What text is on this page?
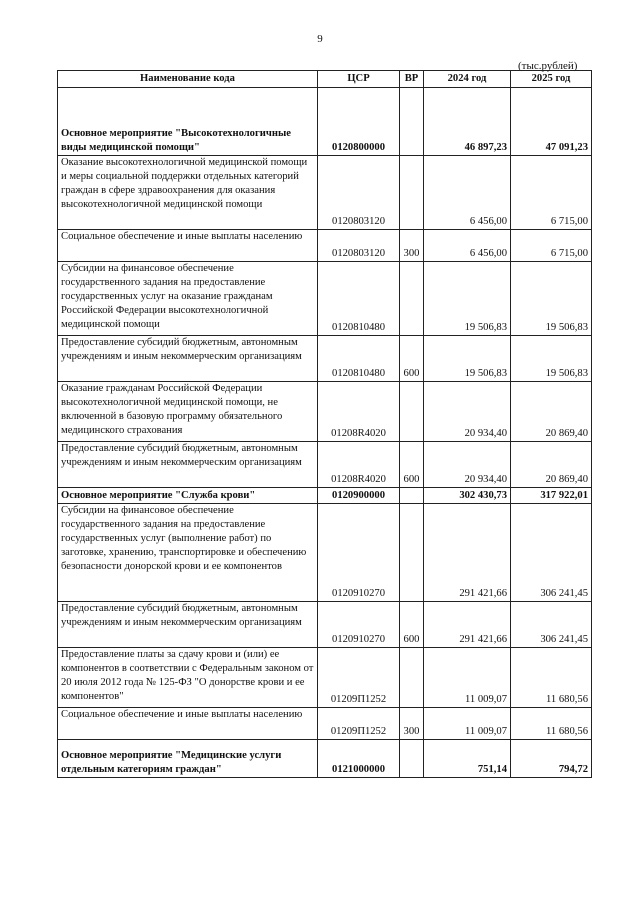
9
(тыс.рублей)
Наименование кода	ЦСР	ВР	2024 год	2025 год
Основное мероприятие "Высокотехнологичные виды медицинской помощи"	0120800000		46 897,23	47 091,23
Оказание высокотехнологичной медицинской помощи и меры социальной поддержки отдельных категорий граждан в сфере здравоохранения для оказания высокотехнологичной медицинской помощи	0120803120		6 456,00	6 715,00
Социальное обеспечение и иные выплаты населению	0120803120	300	6 456,00	6 715,00
Субсидии на финансовое обеспечение государственного задания на предоставление государственных услуг на оказание гражданам Российской Федерации высокотехнологичной медицинской помощи	0120810480		19 506,83	19 506,83
Предоставление субсидий бюджетным, автономным учреждениям и иным некоммерческим организациям	0120810480	600	19 506,83	19 506,83
Оказание гражданам Российской Федерации высокотехнологичной медицинской помощи, не включенной в базовую программу обязательного медицинского страхования	01208R4020		20 934,40	20 869,40
Предоставление субсидий бюджетным, автономным учреждениям и иным некоммерческим организациям	01208R4020	600	20 934,40	20 869,40
Основное мероприятие "Служба крови"	0120900000		302 430,73	317 922,01
Субсидии на финансовое обеспечение государственного задания на предоставление государственных услуг (выполнение работ) по заготовке, хранению, транспортировке и обеспечению безопасности донорской крови и ее компонентов	0120910270		291 421,66	306 241,45
Предоставление субсидий бюджетным, автономным учреждениям и иным некоммерческим организациям	0120910270	600	291 421,66	306 241,45
Предоставление платы за сдачу крови и (или) ее компонентов в соответствии с Федеральным законом от 20 июля 2012 года № 125-ФЗ "О донорстве крови и ее компонентов"	01209П1252		11 009,07	11 680,56
Социальное обеспечение и иные выплаты населению	01209П1252	300	11 009,07	11 680,56
Основное мероприятие "Медицинские услуги отдельным категориям граждан"	0121000000		751,14	794,72
